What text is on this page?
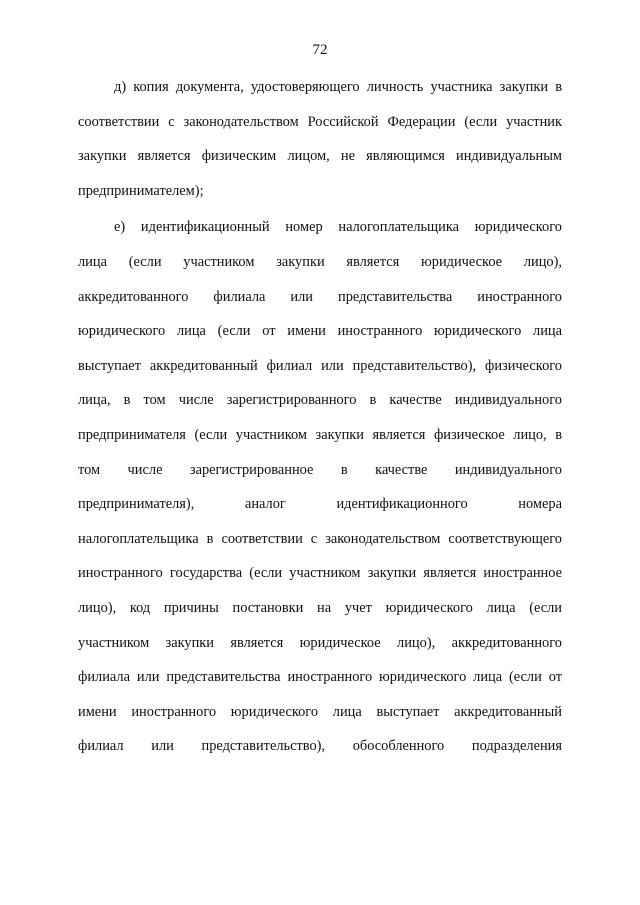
72
д) копия документа, удостоверяющего личность участника закупки в
соответствии с законодательством Российской Федерации (если участник
закупки является физическим лицом, не являющимся индивидуальным
предпринимателем);
е) идентификационный номер налогоплательщика юридического
лица (если участником закупки является юридическое лицо),
аккредитованного филиала или представительства иностранного
юридического лица (если от имени иностранного юридического лица
выступает аккредитованный филиал или представительство), физического
лица, в том числе зарегистрированного в качестве индивидуального
предпринимателя (если участником закупки является физическое лицо, в
том числе зарегистрированное в качестве индивидуального
предпринимателя), аналог идентификационного номера
налогоплательщика в соответствии с законодательством соответствующего
иностранного государства (если участником закупки является иностранное
лицо), код причины постановки на учет юридического лица (если
участником закупки является юридическое лицо), аккредитованного
филиала или представительства иностранного юридического лица (если от
имени иностранного юридического лица выступает аккредитованный
филиал или представительство), обособленного подразделения
